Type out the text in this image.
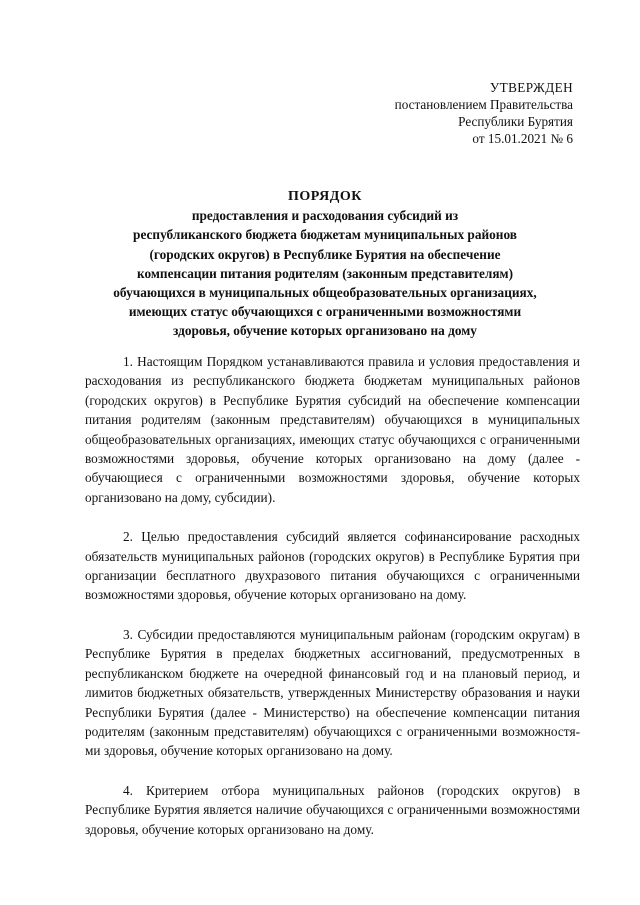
УТВЕРЖДЕН
постановлением Правительства
Республики Бурятия
от 15.01.2021 № 6
ПОРЯДОК
предоставления и расходования субсидий из
республиканского бюджета бюджетам муниципальных районов
(городских округов) в Республике Бурятия на обеспечение
компенсации питания родителям (законным представителям)
обучающихся в муниципальных общеобразовательных организациях,
имеющих статус обучающихся с ограниченными возможностями
здоровья, обучение которых организовано на дому

1. Настоящим Порядком устанавливаются правила и условия предоставления и расходования из республиканского бюджета бюджетам муниципальных районов (городских округов) в Республике Бурятия субсидий на обеспечение компенсации питания родителям (законным представителям) обучающихся в муниципальных общеобразовательных организациях, имеющих статус обучающихся с ограниченными возможностями здоровья, обучение которых организовано на дому (далее - обучающиеся с ограниченными возможностями здоровья, обучение которых организовано на дому, субсидии).

2. Целью предоставления субсидий является софинансирование расходных обязательств муниципальных районов (городских округов) в Республике Бурятия при организации бесплатного двухразового питания обучающихся с ограниченными возможностями здоровья, обучение которых организовано на дому.

3. Субсидии предоставляются муниципальным районам (городским округам) в Республике Бурятия в пределах бюджетных ассигнований, предусмотренных в республиканском бюджете на очередной финансовый год и на плановый период, и лимитов бюджетных обязательств, утвержденных Министерству образования и науки Республики Бурятия (далее - Министерство) на обеспечение компенсации питания родителям (законным представителям) обучающихся с ограниченными возможностями здоровья, обучение которых организовано на дому.

4. Критерием отбора муниципальных районов (городских округов) в Республике Бурятия является наличие обучающихся с ограниченными возможностями здоровья, обучение которых организовано на дому.
